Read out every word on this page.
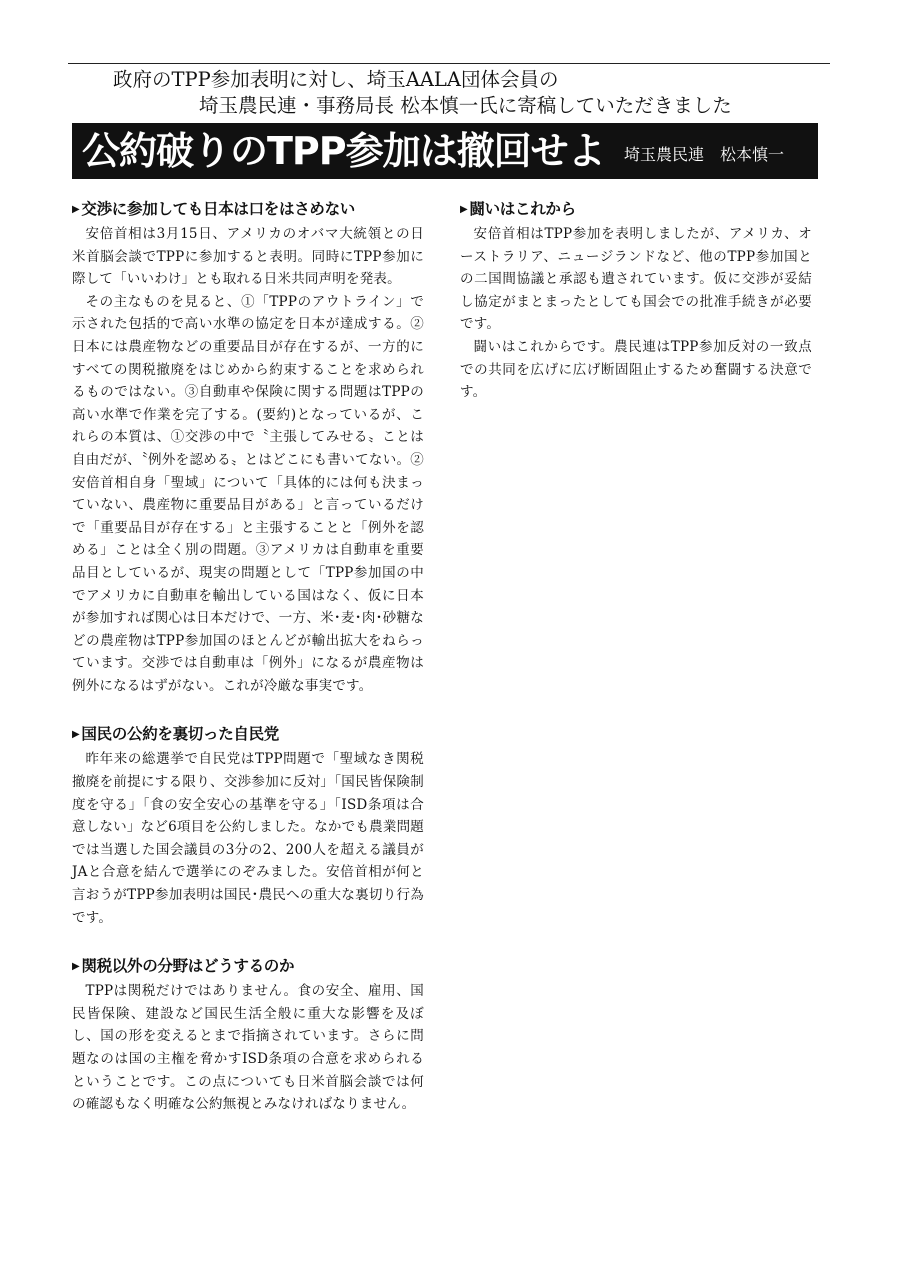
政府のTPP参加表明に対し、埼玉AALA団体会員の
埼玉農民連・事務局長 松本慎一氏に寄稿していただきました
公約破りのTPP参加は撤回せよ 埼玉農民連　松本慎一
▶ 交渉に参加しても日本は口をはさめない

安倍首相は3月15日、アメリカのオバマ大統領との日米首脳会談でTPPに参加すると表明。同時にTPP参加に際して「いいわけ」とも取れる日米共同声明を発表。

その主なものを見ると、①「TPPのアウトライン」で示された包括的で高い水準の協定を日本が達成する。②日本には農産物などの重要品目が存在するが、一方的にすべての関税撤廃をはじめから約束することを求められるものではない。③自動車や保険に関する問題はTPPの高い水準で作業を完了する。(要約)となっているが、これらの本質は、①交渉の中で〝主張してみせる〟ことは自由だが、〝例外を認める〟とはどこにも書いてない。②安倍首相自身「聖域」について「具体的には何も決まっていない、農産物に重要品目がある」と言っているだけで「重要品目が存在する」と主張することと「例外を認める」ことは全く別の問題。③アメリカは自動車を重要品目としているが、現実の問題として「TPP参加国の中でアメリカに自動車を輸出している国はなく、仮に日本が参加すれば関心は日本だけで、一方、米･麦･肉･砂糖などの農産物はTPP参加国のほとんどが輸出拡大をねらっています。交渉では自動車は「例外」になるが農産物は例外になるはずがない。これが冷厳な事実です。

▶ 国民の公約を裏切った自民党

昨年来の総選挙で自民党はTPP問題で「聖域なき関税撤廃を前提にする限り、交渉参加に反対」「国民皆保険制度を守る」「食の安全安心の基準を守る」「ISD条項は合意しない」など6項目を公約しました。なかでも農業問題では当選した国会議員の3分の2、200人を超える議員がJAと合意を結んで選挙にのぞみました。安倍首相が何と言おうがTPP参加表明は国民･農民への重大な裏切り行為です。

▶ 関税以外の分野はどうするのか

TPPは関税だけではありません。食の安全、雇用、国民皆保険、建設など国民生活全般に重大な影響を及ぼし、国の形を変えるとまで指摘されています。さらに問題なのは国の主権を脅かすISD条項の合意を求められるということです。この点についても日米首脳会談では何の確認もなく明確な公約無視とみなければなりません。

▶ 闘いはこれから

安倍首相はTPP参加を表明しましたが、アメリカ、オーストラリア、ニュージランドなど、他のTPP参加国との二国間協議と承認も遺されています。仮に交渉が妥結し協定がまとまったとしても国会での批准手続きが必要です。

闘いはこれからです。農民連はTPP参加反対の一致点での共同を広げに広げ断固阻止するため奮闘する決意です。
